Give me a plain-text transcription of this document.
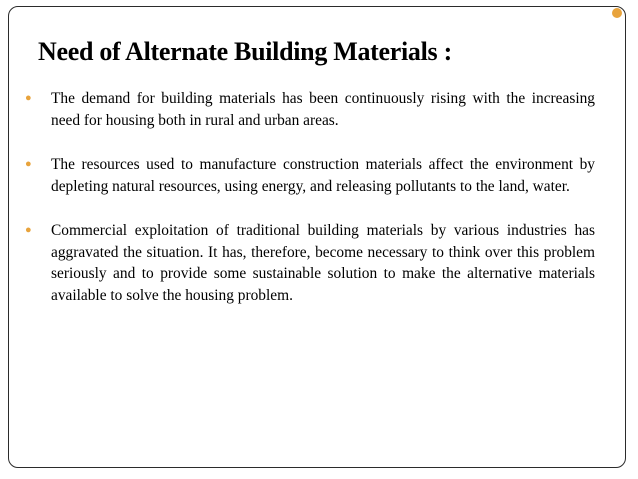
Need of Alternate Building Materials :
● The demand for building materials has been continuously rising with the increasing need for housing both in rural and urban areas.
● The resources used to manufacture construction materials affect the environment by depleting natural resources, using energy, and releasing pollutants to the land, water.
● Commercial exploitation of traditional building materials by various industries has aggravated the situation. It has, therefore, become necessary to think over this problem seriously and to provide some sustainable solution to make the alternative materials available to solve the housing problem.
